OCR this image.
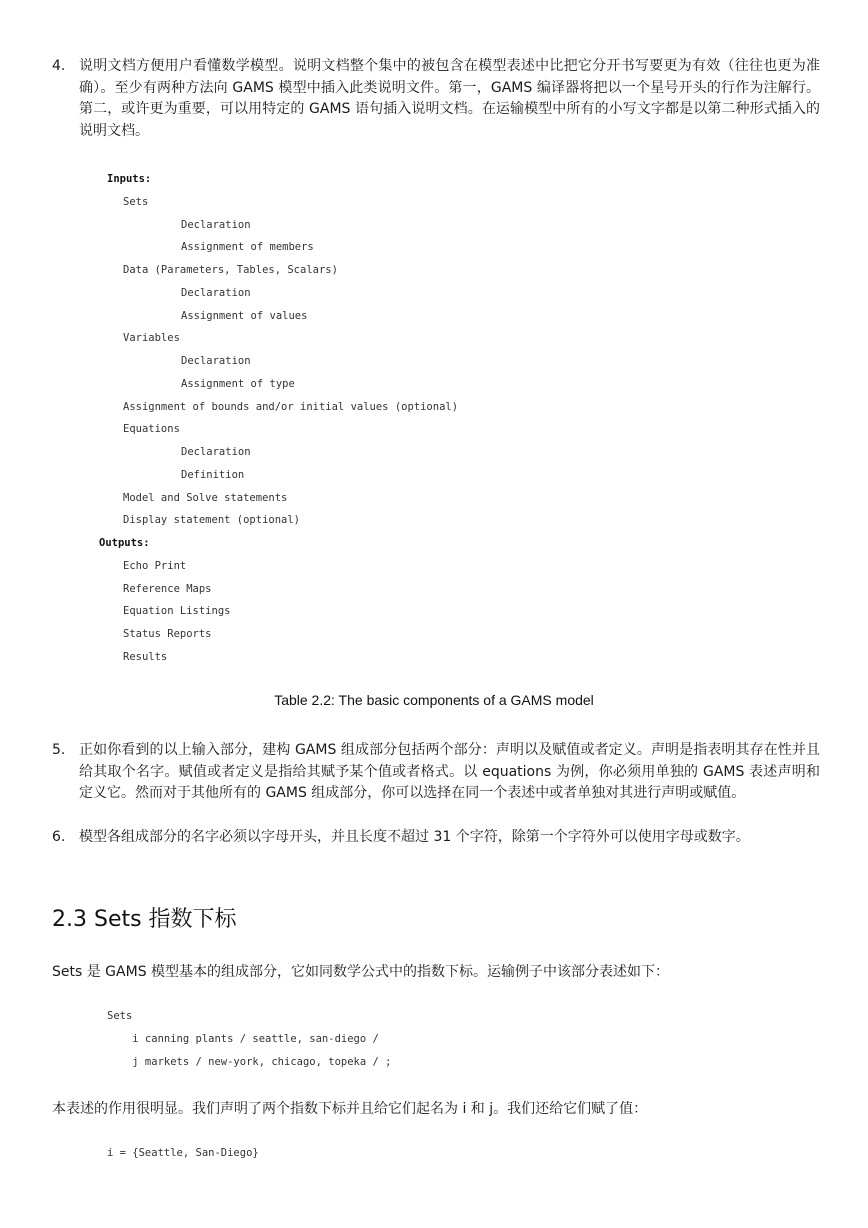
4. 说明文档方便用户看懂数学模型。说明文档整个集中的被包含在模型表述中比把它分开书写要更为有效（往往也更为准确）。至少有两种方法向 GAMS 模型中插入此类说明文件。第一，GAMS 编译器将把以一个星号开头的行作为注解行。第二，或许更为重要，可以用特定的 GAMS 语句插入说明文档。在运输模型中所有的小写文字都是以第二种形式插入的说明文档。
Inputs:
Sets
Declaration
Assignment of members
Data (Parameters, Tables, Scalars)
Declaration
Assignment of values
Variables
Declaration
Assignment of type
Assignment of bounds and/or initial values (optional)
Equations
Declaration
Definition
Model and Solve statements
Display statement (optional)
Outputs:
Echo Print
Reference Maps
Equation Listings
Status Reports
Results
Table 2.2: The basic components of a GAMS model
5. 正如你看到的以上输入部分，建构 GAMS 组成部分包括两个部分：声明以及赋值或者定义。声明是指表明其存在性并且给其取个名字。赋值或者定义是指给其赋予某个值或者格式。以 equations 为例，你必须用单独的 GAMS 表述声明和定义它。然而对于其他所有的 GAMS 组成部分，你可以选择在同一个表述中或者单独对其进行声明或赋值。
6. 模型各组成部分的名字必须以字母开头，并且长度不超过 31 个字符，除第一个字符外可以使用字母或数字。
2.3 Sets 指数下标
Sets 是 GAMS 模型基本的组成部分，它如同数学公式中的指数下标。运输例子中该部分表述如下：
Sets
i canning plants / seattle, san-diego /
j markets / new-york, chicago, topeka / ;
本表述的作用很明显。我们声明了两个指数下标并且给它们起名为 i 和 j。我们还给它们赋了值：
i = {Seattle, San-Diego}
